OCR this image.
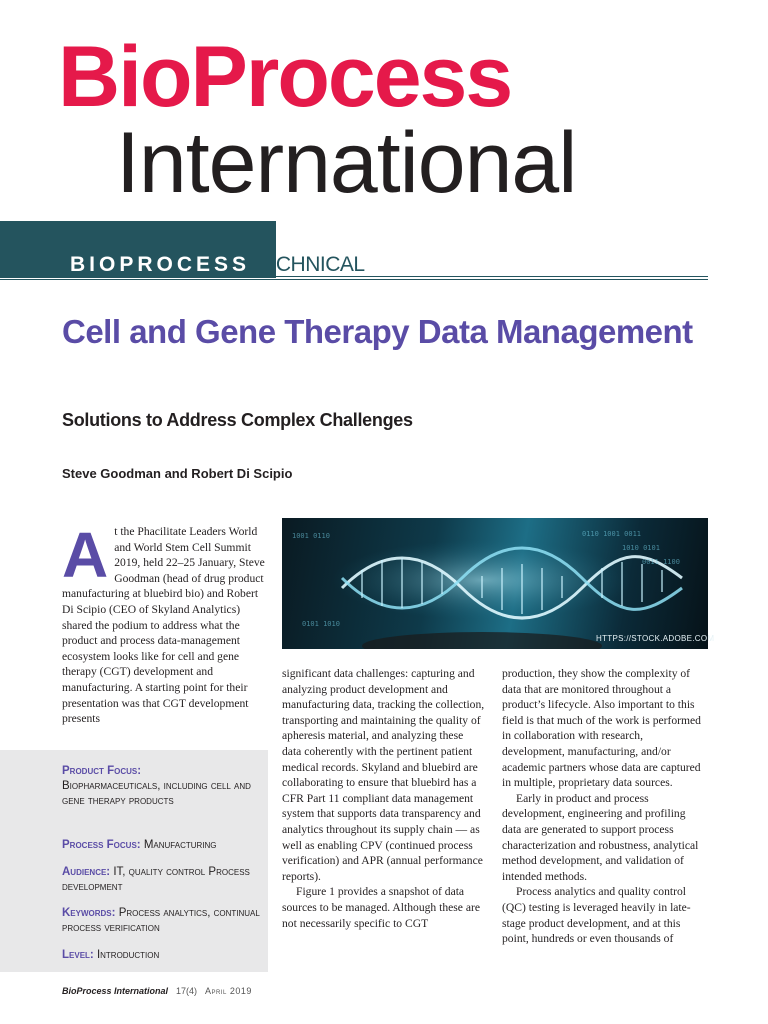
BioProcess
International
BIOPROCESSTECHNICAL
Cell and Gene Therapy Data Management
Solutions to Address Complex Challenges
Steve Goodman and Robert Di Scipio
At the Phacilitate Leaders World and World Stem Cell Summit 2019, held 22–25 January, Steve Goodman (head of drug product manufacturing at bluebird bio) and Robert Di Scipio (CEO of Skyland Analytics) shared the podium to address what the product and process data-management ecosystem looks like for cell and gene therapy (CGT) development and manufacturing. A starting point for their presentation was that CGT development presents
0110 1001 0011
1010 0101
0011 1100
1001 0110
0101 1010
HTTPS://STOCK.ADOBE.COM

significant data challenges: capturing and analyzing product development and manufacturing data, tracking the collection, transporting and maintaining the quality of apheresis material, and analyzing these data coherently with the pertinent patient medical records. Skyland and bluebird are collaborating to ensure that bluebird has a CFR Part 11 compliant data management system that supports data transparency and analytics throughout its supply chain — as well as enabling CPV (continued process verification) and APR (annual performance reports).

Figure 1 provides a snapshot of data sources to be managed. Although these are not necessarily specific to CGT

production, they show the complexity of data that are monitored throughout a product’s lifecycle. Also important to this field is that much of the work is performed in collaboration with research, development, manufacturing, and/or academic partners whose data are captured in multiple, proprietary data sources.

Early in product and process development, engineering and profiling data are generated to support process characterization and robustness, analytical method development, and validation of intended methods.

Process analytics and quality control (QC) testing is leveraged heavily in late-stage product development, and at this point, hundreds or even thousands of

Product Focus:
Biopharmaceuticals, including cell and gene therapy products
Process Focus: Manufacturing
Audience: IT, quality control Process development
Keywords: Process analytics, continual process verification
Level: Introduction
BioProcess International 17(4) April 2019
